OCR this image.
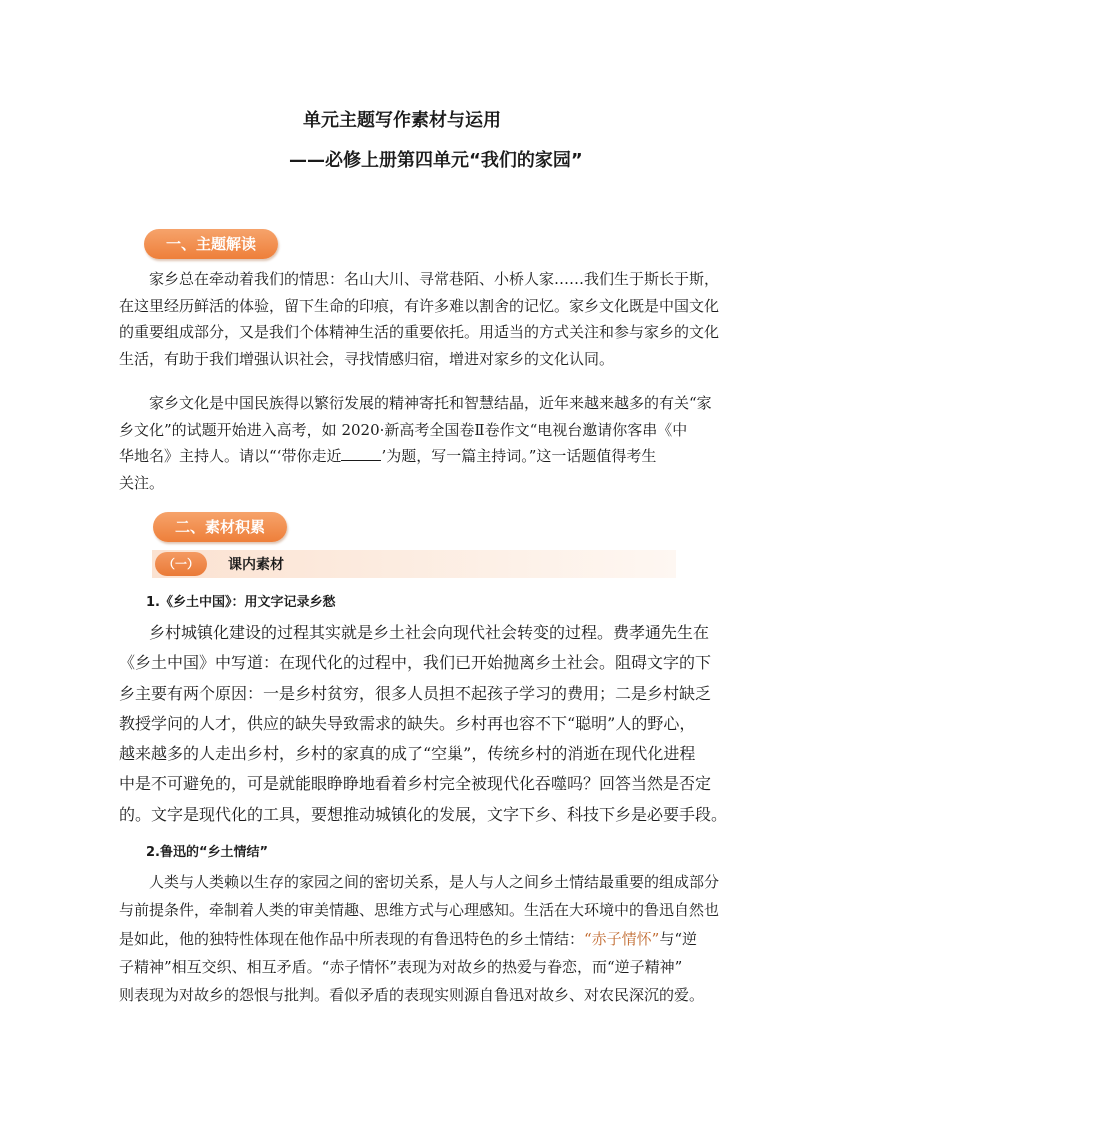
单元主题写作素材与运用
——必修上册第四单元“我们的家园”
一、主题解读
家乡总在牵动着我们的情思：名山大川、寻常巷陌、小桥人家……我们生于斯长于斯，
在这里经历鲜活的体验，留下生命的印痕，有许多难以割舍的记忆。家乡文化既是中国文化
的重要组成部分，又是我们个体精神生活的重要依托。用适当的方式关注和参与家乡的文化
生活，有助于我们增强认识社会，寻找情感归宿，增进对家乡的文化认同。
家乡文化是中国民族得以繁衍发展的精神寄托和智慧结晶，近年来越来越多的有关“家
乡文化”的试题开始进入高考，如 2020·新高考全国卷Ⅱ卷作文“电视台邀请你客串《中
华地名》主持人。请以“‘带你走近	’为题，写一篇主持词。”这一话题值得考生
关注。
二、素材积累
（一）	课内素材
1.《乡土中国》：用文字记录乡愁
乡村城镇化建设的过程其实就是乡土社会向现代社会转变的过程。费孝通先生在
《乡土中国》中写道：在现代化的过程中，我们已开始抛离乡土社会。阻碍文字的下
乡主要有两个原因：一是乡村贫穷，很多人员担不起孩子学习的费用；二是乡村缺乏
教授学问的人才，供应的缺失导致需求的缺失。乡村再也容不下“聪明”人的野心，
越来越多的人走出乡村，乡村的家真的成了“空巢”，传统乡村的消逝在现代化进程
中是不可避免的，可是就能眼睁睁地看着乡村完全被现代化吞噬吗？回答当然是否定
的。文字是现代化的工具，要想推动城镇化的发展，文字下乡、科技下乡是必要手段。
2.鲁迅的“乡土情结”
人类与人类赖以生存的家园之间的密切关系，是人与人之间乡土情结最重要的组成部分
与前提条件，牵制着人类的审美情趣、思维方式与心理感知。生活在大环境中的鲁迅自然也
是如此，他的独特性体现在他作品中所表现的有鲁迅特色的乡土情结：“赤子情怀”与“逆
子精神”相互交织、相互矛盾。“赤子情怀”表现为对故乡的热爱与眷恋，而“逆子精神”
则表现为对故乡的怨恨与批判。看似矛盾的表现实则源自鲁迅对故乡、对农民深沉的爱。
